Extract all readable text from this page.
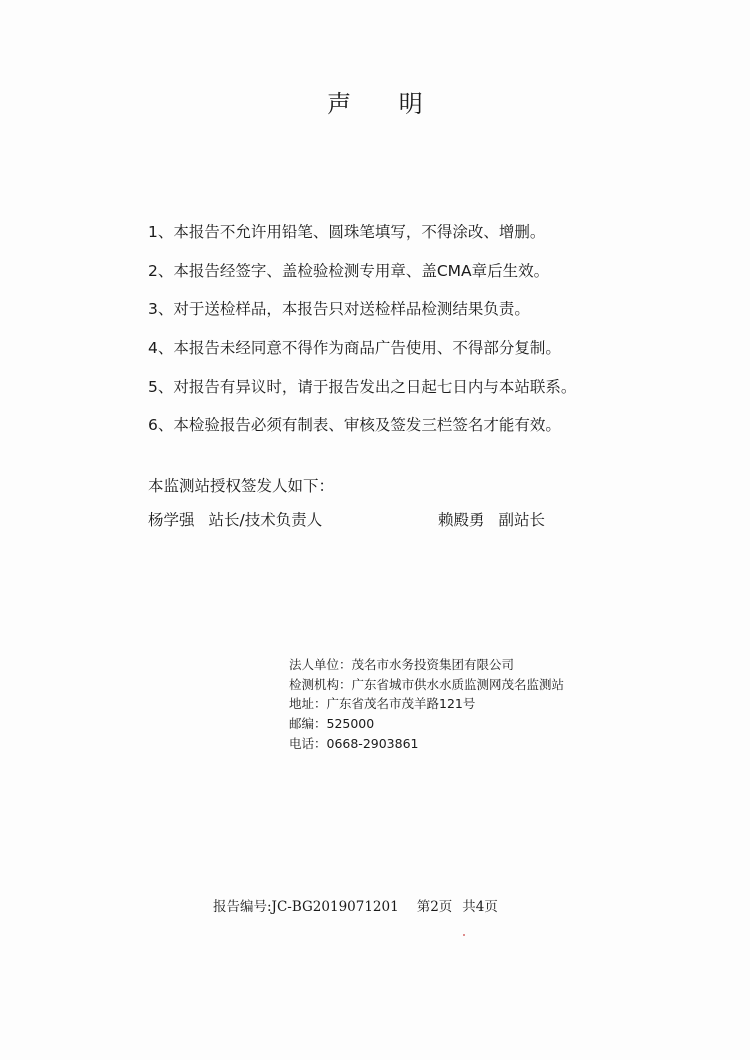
声 明
1、本报告不允许用铅笔、圆珠笔填写，不得涂改、增删。
2、本报告经签字、盖检验检测专用章、盖CMA章后生效。
3、对于送检样品，本报告只对送检样品检测结果负责。
4、本报告未经同意不得作为商品广告使用、不得部分复制。
5、对报告有异议时，请于报告发出之日起七日内与本站联系。
6、本检验报告必须有制表、审核及签发三栏签名才能有效。
本监测站授权签发人如下：
杨学强 站长/技术负责人	赖殿勇 副站长
法人单位：茂名市水务投资集团有限公司
检测机构：广东省城市供水水质监测网茂名监测站
地址：广东省茂名市茂羊路121号
邮编：525000
电话：0668-2903861
报告编号:JC-BG2019071201 第2页 共4页
